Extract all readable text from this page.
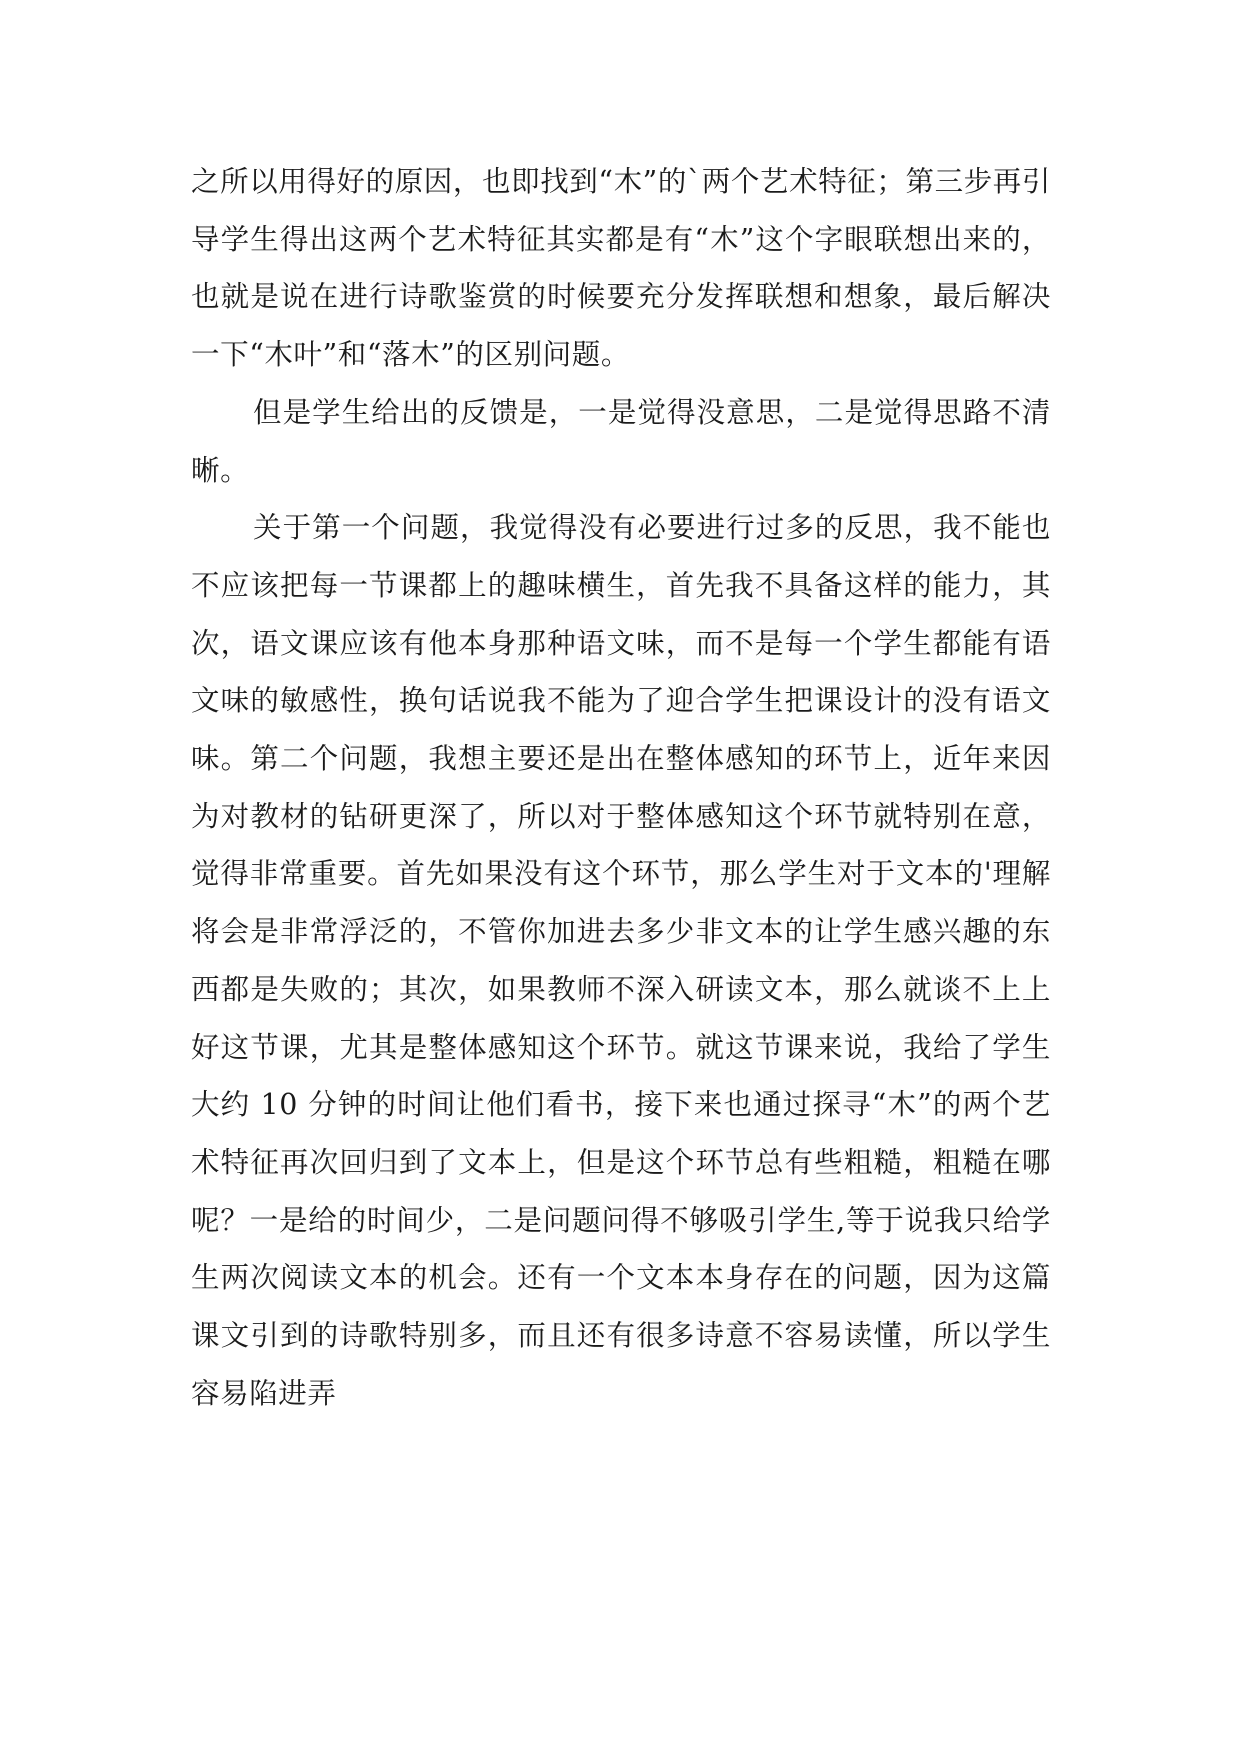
之所以用得好的原因，也即找到“木”的`两个艺术特征；第三步再引导学生得出这两个艺术特征其实都是有“木”这个字眼联想出来的，也就是说在进行诗歌鉴赏的时候要充分发挥联想和想象，最后解决一下“木叶”和“落木”的区别问题。

但是学生给出的反馈是，一是觉得没意思，二是觉得思路不清晰。

关于第一个问题，我觉得没有必要进行过多的反思，我不能也不应该把每一节课都上的趣味横生，首先我不具备这样的能力，其次，语文课应该有他本身那种语文味，而不是每一个学生都能有语文味的敏感性，换句话说我不能为了迎合学生把课设计的没有语文味。第二个问题，我想主要还是出在整体感知的环节上，近年来因为对教材的钻研更深了，所以对于整体感知这个环节就特别在意，觉得非常重要。首先如果没有这个环节，那么学生对于文本的'理解将会是非常浮泛的，不管你加进去多少非文本的让学生感兴趣的东西都是失败的；其次，如果教师不深入研读文本，那么就谈不上上好这节课，尤其是整体感知这个环节。就这节课来说，我给了学生大约 10 分钟的时间让他们看书，接下来也通过探寻“木”的两个艺术特征再次回归到了文本上，但是这个环节总有些粗糙，粗糙在哪呢？一是给的时间少，二是问题问得不够吸引学生,等于说我只给学生两次阅读文本的机会。还有一个文本本身存在的问题，因为这篇课文引到的诗歌特别多，而且还有很多诗意不容易读懂，所以学生容易陷进弄
